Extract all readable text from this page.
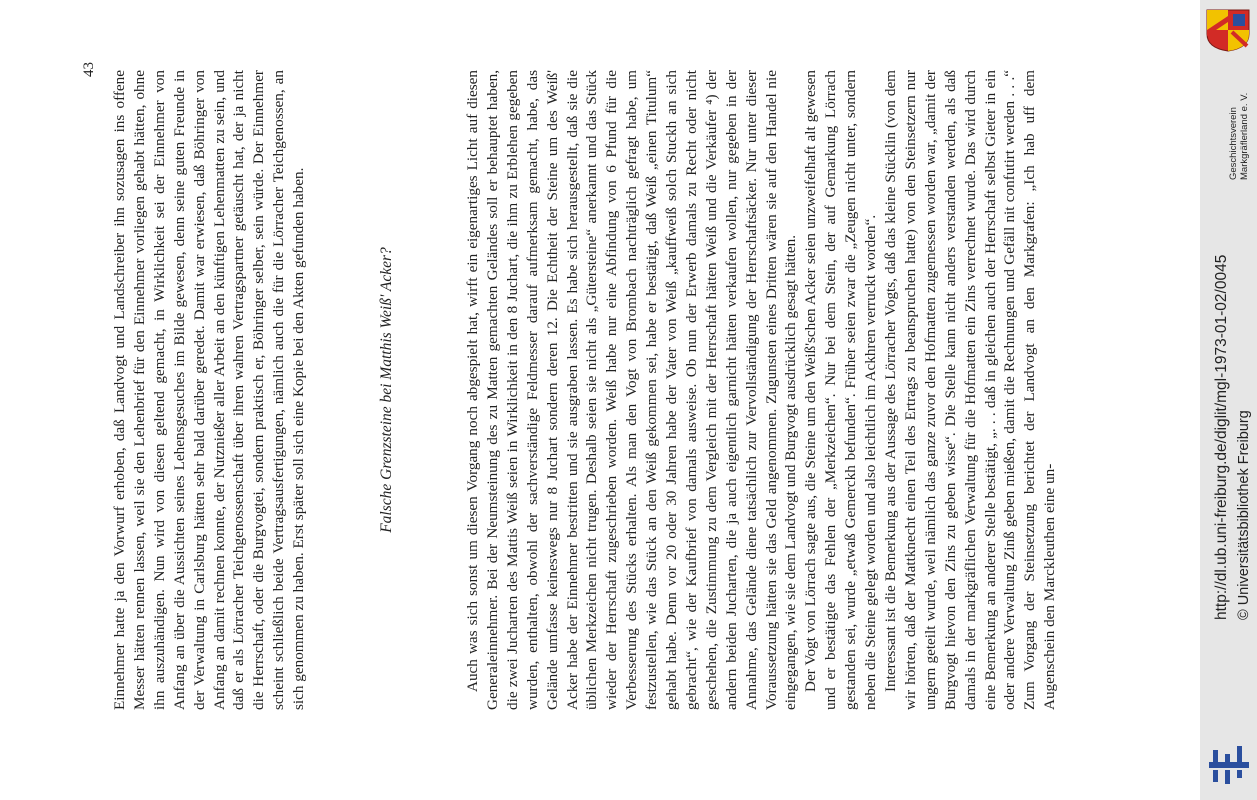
43

Einnehmer hatte ja den Vorwurf erhoben, daß Landvogt und Landschreiber ihn sozusagen ins offene Messer hätten rennen lassen, weil sie den Lehenbrief für den Einnehmer vorliegen gehabt hätten, ohne ihn auszuhändigen. Nun wird von diesen geltend gemacht, in Wirklichkeit sei der Einnehmer von Anfang an über die Aussichten seines Lehensgesuches im Bilde gewesen, denn seine guten Freunde in der Verwaltung in Carlsburg hätten sehr bald darüber geredet. Damit war erwiesen, daß Böhringer von Anfang an damit rechnen konnte, der Nutznießer aller Arbeit an den künftigen Lehenmatten zu sein, und daß er als Lörracher Teichgenossenschaft über ihren wahren Vertragspartner getäuscht hat, der ja nicht die Herrschaft, oder die Burgvogtei, sondern praktisch er, Böhringer selber, sein würde. Der Einnehmer scheint schließlich beide Vertragsausfertigungen, nämlich auch die für die Lörracher Teichgenossen, an sich genommen zu haben. Erst später soll sich eine Kopie bei den Akten gefunden haben.	Falsche Grenzsteine bei Matthis Weiß' Acker?	Auch was sich sonst um diesen Vorgang noch abgespielt hat, wirft ein eigenartiges Licht auf diesen Generaleinnehmer. Bei der Neumsteinung des zu Matten gemachten Geländes soll er behauptet haben, die zwei Jucharten des Mattis Weiß seien in Wirklichkeit in den 8 Juchart, die ihm zu Erblehen gegeben wurden, enthalten, obwohl der sachverständige Feldmesser darauf aufmerksam gemacht, habe, das Gelände umfasse keineswegs nur 8 Juchart sondern deren 12. Die Echtheit der Steine um des Weiß' Acker habe der Einnehmer bestritten und sie ausgraben lassen. Es habe sich herausgestellt, daß sie die üblichen Merkzeichen nicht trugen. Deshalb seien sie nicht als „Gütersteine“ anerkannt und das Stück wieder der Herrschaft zugeschrieben worden. Weiß habe nur eine Abfindung von 6 Pfund für die Verbesserung des Stücks erhalten. Als man den Vogt von Brombach nachträglich gefragt habe, um festzustellen, wie das Stück an den Weiß gekommen sei, habe er bestätigt, daß Weiß „einen Titulum“ gehabt habe. Denn vor 20 oder 30 Jahren habe der Vater von Weiß „kauffweiß solch Stuckh an sich gebracht“, wie der Kaufbrief von damals ausweise. Ob nun der Erwerb damals zu Recht oder nicht geschehen, die Zustimmung zu dem Vergleich mit der Herrschaft hätten Weiß und die Verkäufer ⁴) der andern beiden Jucharten, die ja auch eigentlich garnicht hätten verkaufen wollen, nur gegeben in der Annahme, das Gelände diene tatsächlich zur Vervollständigung der Herrschaftsäcker. Nur unter dieser Voraussetzung hätten sie das Geld angenommen. Zugunsten eines Dritten wären sie auf den Handel nie eingegangen, wie sie dem Landvogt und Burgvogt ausdrücklich gesagt hätten. Der Vogt von Lörrach sagte aus, die Steine um den Weiß'schen Acker seien unzweifelhaft alt gewesen und er bestätigte das Fehlen der „Merkzeichen“. Nur bei dem Stein, der auf Gemarkung Lörrach gestanden sei, wurde „etwaß Gemerckh befunden“. Früher seien zwar die „Zeugen nicht unter, sondern neben die Steine gelegt worden und also leichtlich im Ackhren verruckt worden“. Interessant ist die Bemerkung aus der Aussage des Lörracher Vogts, daß das kleine Stücklin (von dem wir hörten, daß der Mattknecht einen Teil des Ertrags zu beanspruchen hatte) von den Steinsetzern nur ungern geteilt wurde, weil nämlich das ganze zuvor den Hofmatten zugemessen worden war, „damit der Burgvogt hievon den Zins zu geben wisse“. Die Stelle kann nicht anders verstanden werden, als daß damals in der markgräflichen Verwaltung für die Hofmatten ein Zins verrechnet wurde. Das wird durch eine Bemerkung an anderer Stelle bestätigt, „. . . daß in gleichen auch der Herrschaft selbst Gieter in ein oder andere Verwaltung Zinß geben mießen, damit die Rechnungen und Gefäll nit confutirt werden . . .“ Zum Vorgang der Steinsetzung berichtet der Landvogt an den Markgrafen: „Ich hab uff dem Augenschein den Marckleuthen eine un-

Geschichtsverein Markgräflerland e. V.
http://dl.ub.uni-freiburg.de/diglit/mgl-1973-01-02/0045 © Universitätsbibliothek Freiburg
